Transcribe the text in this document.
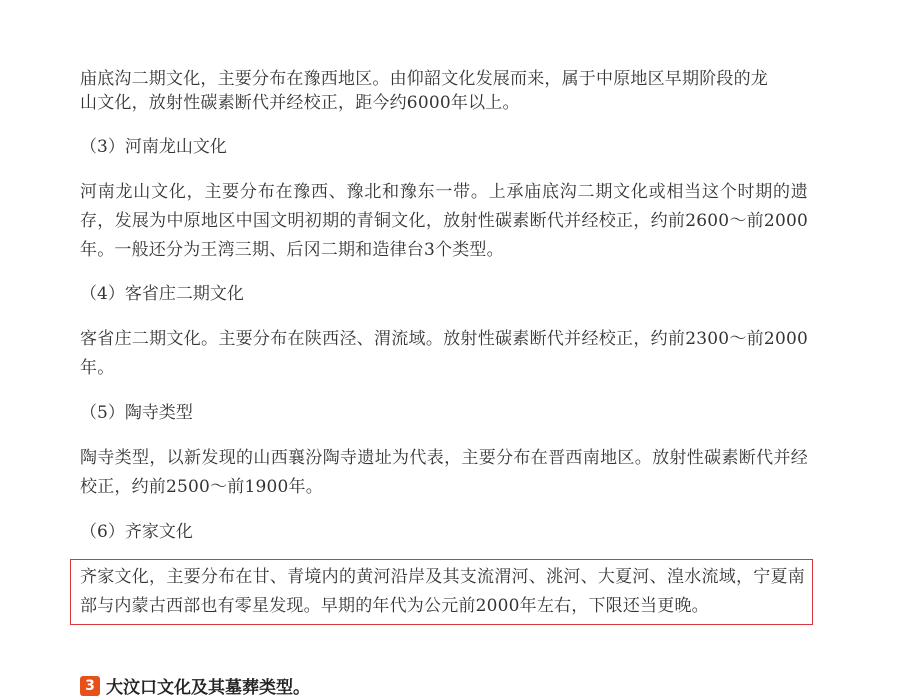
庙底沟二期文化，主要分布在豫西地区。由仰韶文化发展而来，属于中原地区早期阶段的龙

山文化，放射性碳素断代并经校正，距今约6000年以上。

（3）河南龙山文化

河南龙山文化，主要分布在豫西、豫北和豫东一带。上承庙底沟二期文化或相当这个时期的遗存，发展为中原地区中国文明初期的青铜文化，放射性碳素断代并经校正，约前2600～前2000年。一般还分为王湾三期、后冈二期和造律台3个类型。

（4）客省庄二期文化

客省庄二期文化。主要分布在陕西泾、渭流域。放射性碳素断代并经校正，约前2300～前2000年。

（5）陶寺类型

陶寺类型，以新发现的山西襄汾陶寺遗址为代表，主要分布在晋西南地区。放射性碳素断代并经校正，约前2500～前1900年。

（6）齐家文化

齐家文化，主要分布在甘、青境内的黄河沿岸及其支流渭河、洮河、大夏河、湟水流域，宁夏南部与内蒙古西部也有零星发现。早期的年代为公元前2000年左右，下限还当更晚。

3 大汶口文化及其墓葬类型。
